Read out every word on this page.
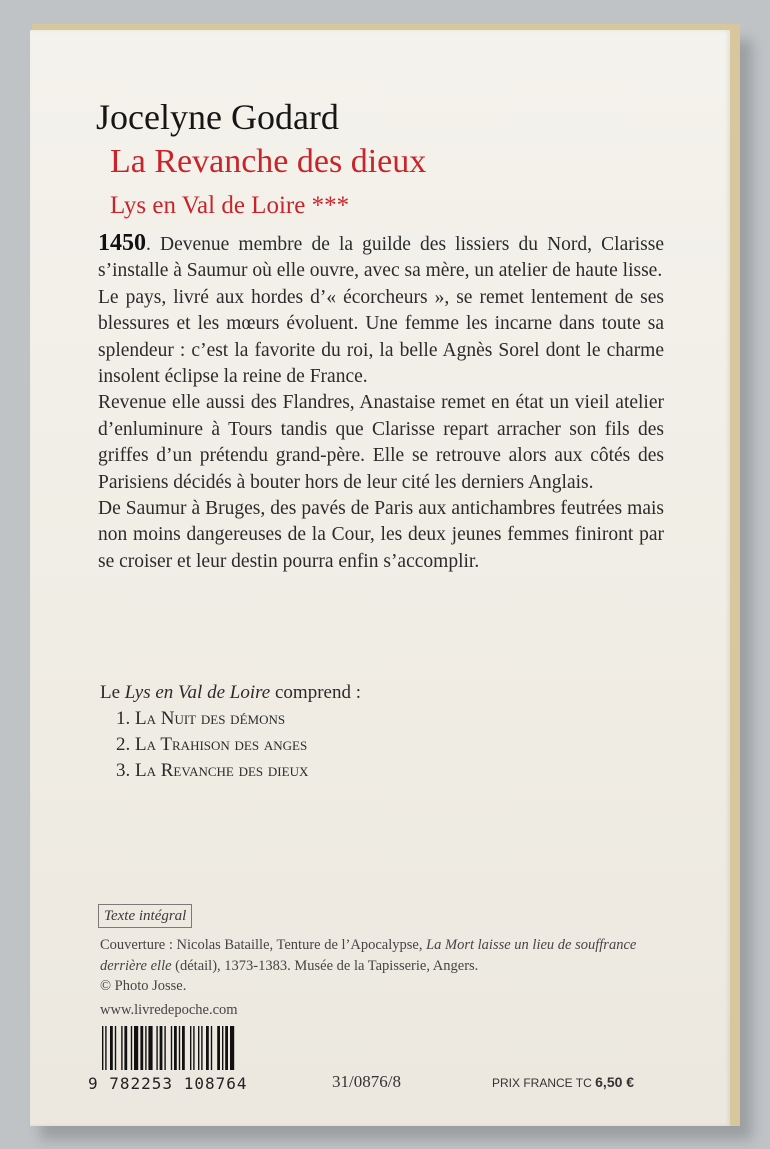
Jocelyne Godard
La Revanche des dieux
Lys en Val de Loire ***

1450. Devenue membre de la guilde des lissiers du Nord, Clarisse s’installe à Saumur où elle ouvre, avec sa mère, un atelier de haute lisse.

Le pays, livré aux hordes d’« écorcheurs », se remet lentement de ses blessures et les mœurs évoluent. Une femme les incarne dans toute sa splendeur : c’est la favorite du roi, la belle Agnès Sorel dont le charme insolent éclipse la reine de France.

Revenue elle aussi des Flandres, Anastaise remet en état un vieil atelier d’enluminure à Tours tandis que Clarisse repart arracher son fils des griffes d’un prétendu grand-père. Elle se retrouve alors aux côtés des Parisiens décidés à bouter hors de leur cité les derniers Anglais.

De Saumur à Bruges, des pavés de Paris aux antichambres feutrées mais non moins dangereuses de la Cour, les deux jeunes femmes finiront par se croiser et leur destin pourra enfin s’accomplir.

Le Lys en Val de Loire comprend :
1. La Nuit des démons
2. La Trahison des anges
3. La Revanche des dieux
Texte intégral
Couverture : Nicolas Bataille, Tenture de l’Apocalypse, La Mort laisse un lieu de souffrance derrière elle (détail), 1373-1383. Musée de la Tapisserie, Angers.
© Photo Josse.
www.livredepoche.com
9 782253 108764	31/0876/8	PRIX FRANCE TC 6,50 €
